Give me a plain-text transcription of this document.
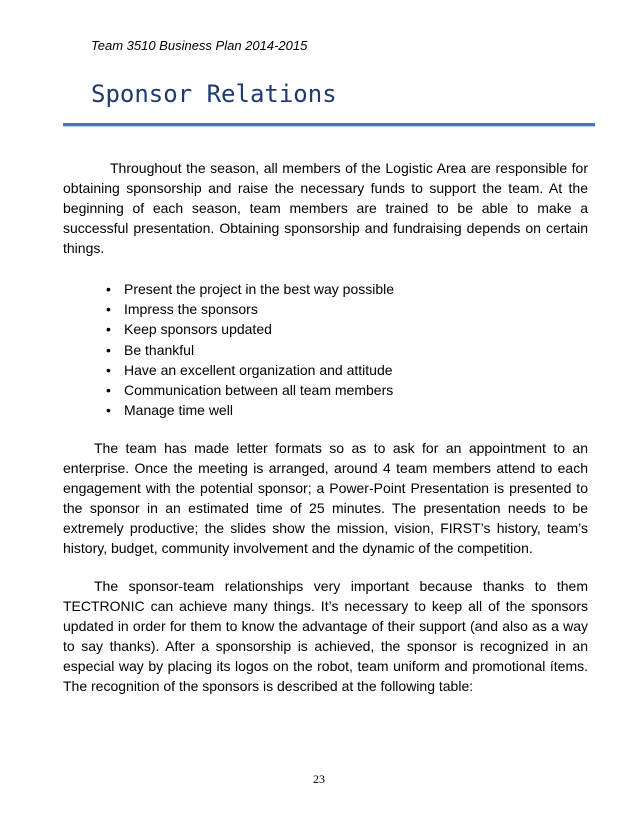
Team 3510 Business Plan 2014-2015
Sponsor Relations

Throughout the season, all members of the Logistic Area are responsible for obtaining sponsorship and raise the necessary funds to support the team. At the beginning of each season, team members are trained to be able to make a successful presentation. Obtaining sponsorship and fundraising depends on certain things.

• Present the project in the best way possible
• Impress the sponsors
• Keep sponsors updated
• Be thankful
• Have an excellent organization and attitude
• Communication between all team members
• Manage time well

The team has made letter formats so as to ask for an appointment to an enterprise. Once the meeting is arranged, around 4 team members attend to each engagement with the potential sponsor; a Power-Point Presentation is presented to the sponsor in an estimated time of 25 minutes. The presentation needs to be extremely productive; the slides show the mission, vision, FIRST’s history, team’s history, budget, community involvement and the dynamic of the competition.

The sponsor-team relationships very important because thanks to them TECTRONIC can achieve many things. It’s necessary to keep all of the sponsors updated in order for them to know the advantage of their support (and also as a way to say thanks). After a sponsorship is achieved, the sponsor is recognized in an especial way by placing its logos on the robot, team uniform and promotional ítems. The recognition of the sponsors is described at the following table:

23
